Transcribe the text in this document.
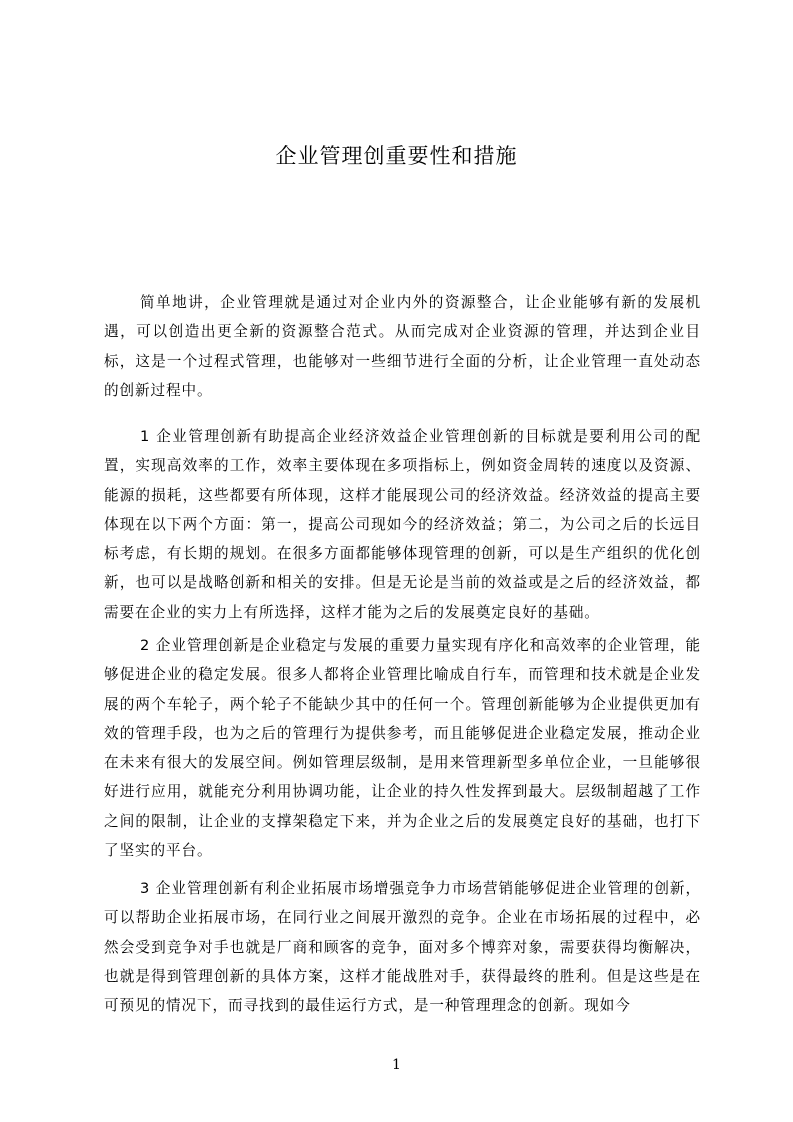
企业管理创重要性和措施

简单地讲，企业管理就是通过对企业内外的资源整合，让企业能够有新的发展机遇，可以创造出更全新的资源整合范式。从而完成对企业资源的管理，并达到企业目标，这是一个过程式管理，也能够对一些细节进行全面的分析，让企业管理一直处动态的创新过程中。

1 企业管理创新有助提高企业经济效益企业管理创新的目标就是要利用公司的配置，实现高效率的工作，效率主要体现在多项指标上，例如资金周转的速度以及资源、能源的损耗，这些都要有所体现，这样才能展现公司的经济效益。经济效益的提高主要体现在以下两个方面：第一，提高公司现如今的经济效益；第二，为公司之后的长远目标考虑，有长期的规划。在很多方面都能够体现管理的创新，可以是生产组织的优化创新，也可以是战略创新和相关的安排。但是无论是当前的效益或是之后的经济效益，都需要在企业的实力上有所选择，这样才能为之后的发展奠定良好的基础。

2 企业管理创新是企业稳定与发展的重要力量实现有序化和高效率的企业管理，能够促进企业的稳定发展。很多人都将企业管理比喻成自行车，而管理和技术就是企业发展的两个车轮子，两个轮子不能缺少其中的任何一个。管理创新能够为企业提供更加有效的管理手段，也为之后的管理行为提供参考，而且能够促进企业稳定发展，推动企业在未来有很大的发展空间。例如管理层级制，是用来管理新型多单位企业，一旦能够很好进行应用，就能充分利用协调功能，让企业的持久性发挥到最大。层级制超越了工作之间的限制，让企业的支撑架稳定下来，并为企业之后的发展奠定良好的基础，也打下了坚实的平台。

3 企业管理创新有利企业拓展市场增强竞争力市场营销能够促进企业管理的创新，可以帮助企业拓展市场，在同行业之间展开激烈的竞争。企业在市场拓展的过程中，必然会受到竞争对手也就是厂商和顾客的竞争，面对多个博弈对象，需要获得均衡解决，也就是得到管理创新的具体方案，这样才能战胜对手，获得最终的胜利。但是这些是在可预见的情况下，而寻找到的最佳运行方式，是一种管理理念的创新。现如今

1
